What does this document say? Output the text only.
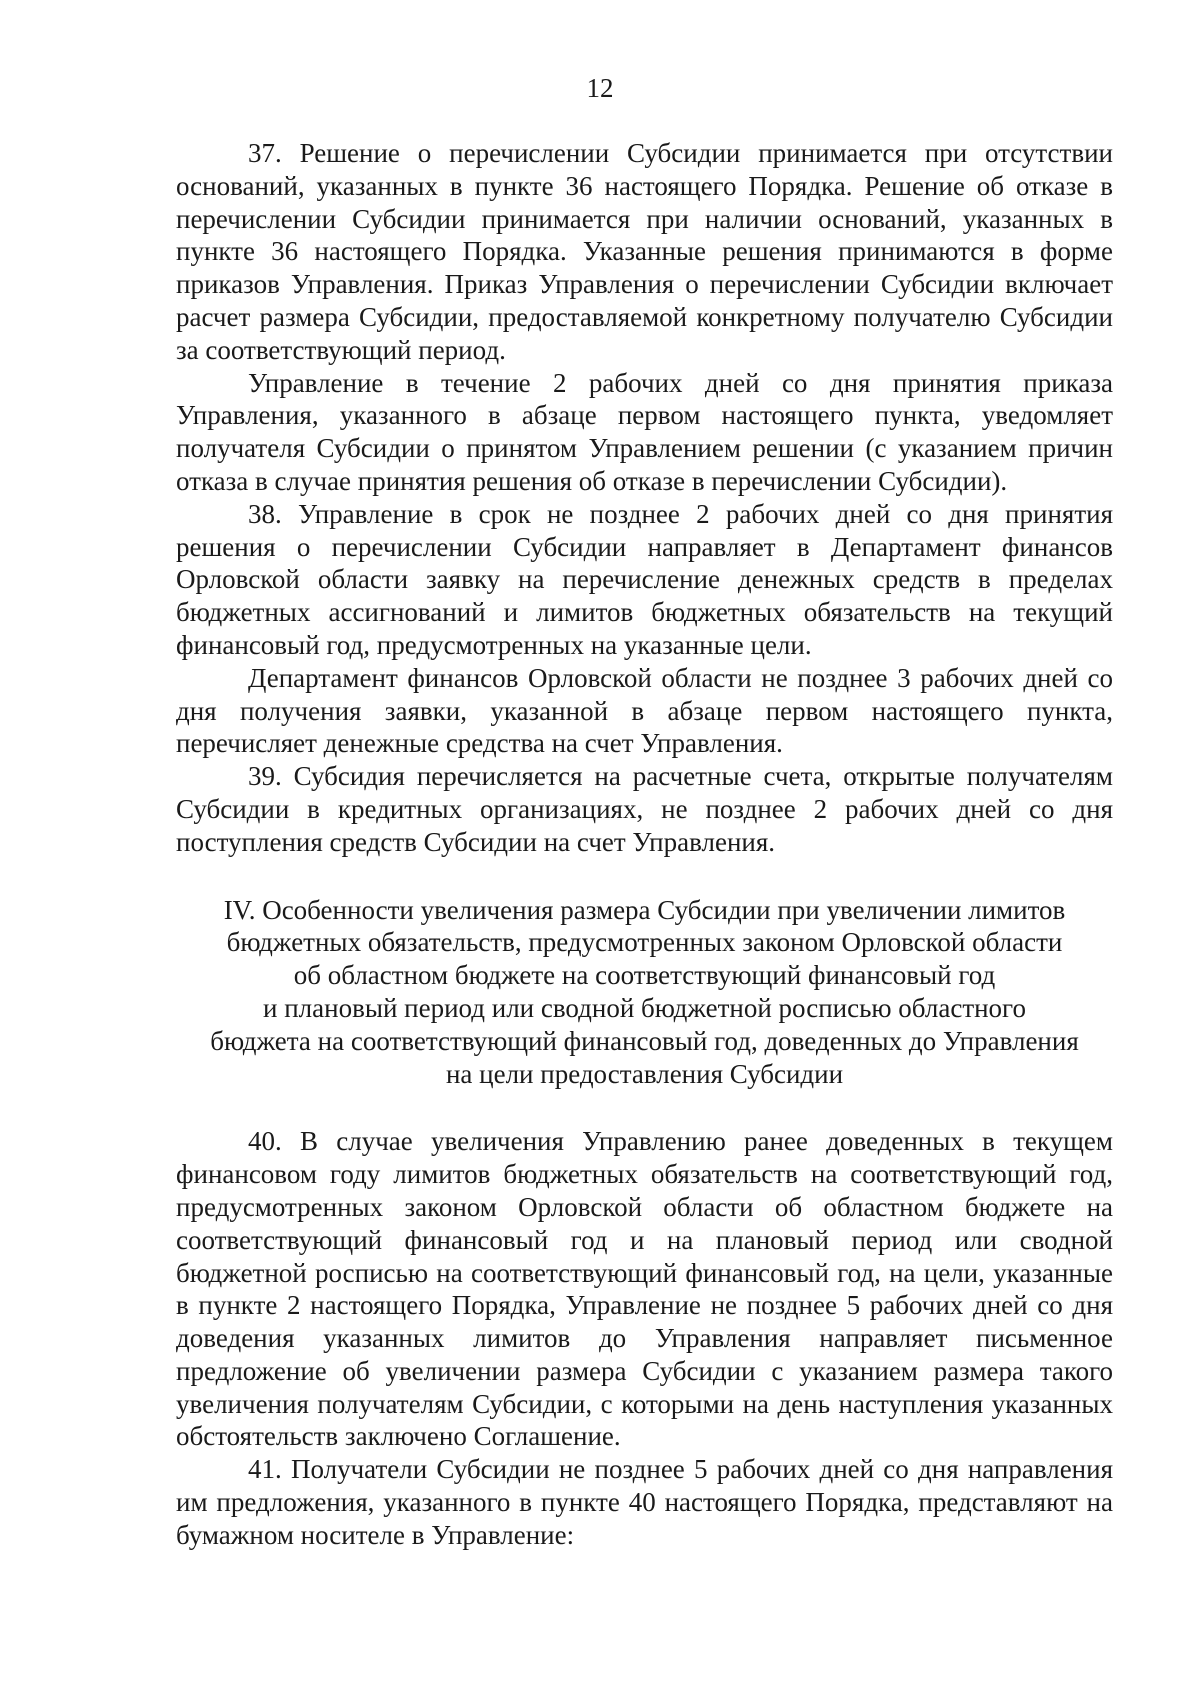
12

37. Решение о перечислении Субсидии принимается при отсутствии оснований, указанных в пункте 36 настоящего Порядка. Решение об отказе в перечислении Субсидии принимается при наличии оснований, указанных в пункте 36 настоящего Порядка. Указанные решения принимаются в форме приказов Управления. Приказ Управления о перечислении Субсидии включает расчет размера Субсидии, предоставляемой конкретному получателю Субсидии за соответствующий период.

Управление в течение 2 рабочих дней со дня принятия приказа Управления, указанного в абзаце первом настоящего пункта, уведомляет получателя Субсидии о принятом Управлением решении (с указанием причин отказа в случае принятия решения об отказе в перечислении Субсидии).

38. Управление в срок не позднее 2 рабочих дней со дня принятия решения о перечислении Субсидии направляет в Департамент финансов Орловской области заявку на перечисление денежных средств в пределах бюджетных ассигнований и лимитов бюджетных обязательств на текущий финансовый год, предусмотренных на указанные цели.

Департамент финансов Орловской области не позднее 3 рабочих дней со дня получения заявки, указанной в абзаце первом настоящего пункта, перечисляет денежные средства на счет Управления.

39. Субсидия перечисляется на расчетные счета, открытые получателям Субсидии в кредитных организациях, не позднее 2 рабочих дней со дня поступления средств Субсидии на счет Управления.

IV. Особенности увеличения размера Субсидии при увеличении лимитов
бюджетных обязательств, предусмотренных законом Орловской области
об областном бюджете на соответствующий финансовый год
и плановый период или сводной бюджетной росписью областного
бюджета на соответствующий финансовый год, доведенных до Управления
на цели предоставления Субсидии

40. В случае увеличения Управлению ранее доведенных в текущем финансовом году лимитов бюджетных обязательств на соответствующий год, предусмотренных законом Орловской области об областном бюджете на соответствующий финансовый год и на плановый период или сводной бюджетной росписью на соответствующий финансовый год, на цели, указанные в пункте 2 настоящего Порядка, Управление не позднее 5 рабочих дней со дня доведения указанных лимитов до Управления направляет письменное предложение об увеличении размера Субсидии с указанием размера такого увеличения получателям Субсидии, с которыми на день наступления указанных обстоятельств заключено Соглашение.

41. Получатели Субсидии не позднее 5 рабочих дней со дня направления им предложения, указанного в пункте 40 настоящего Порядка, представляют на бумажном носителе в Управление:
